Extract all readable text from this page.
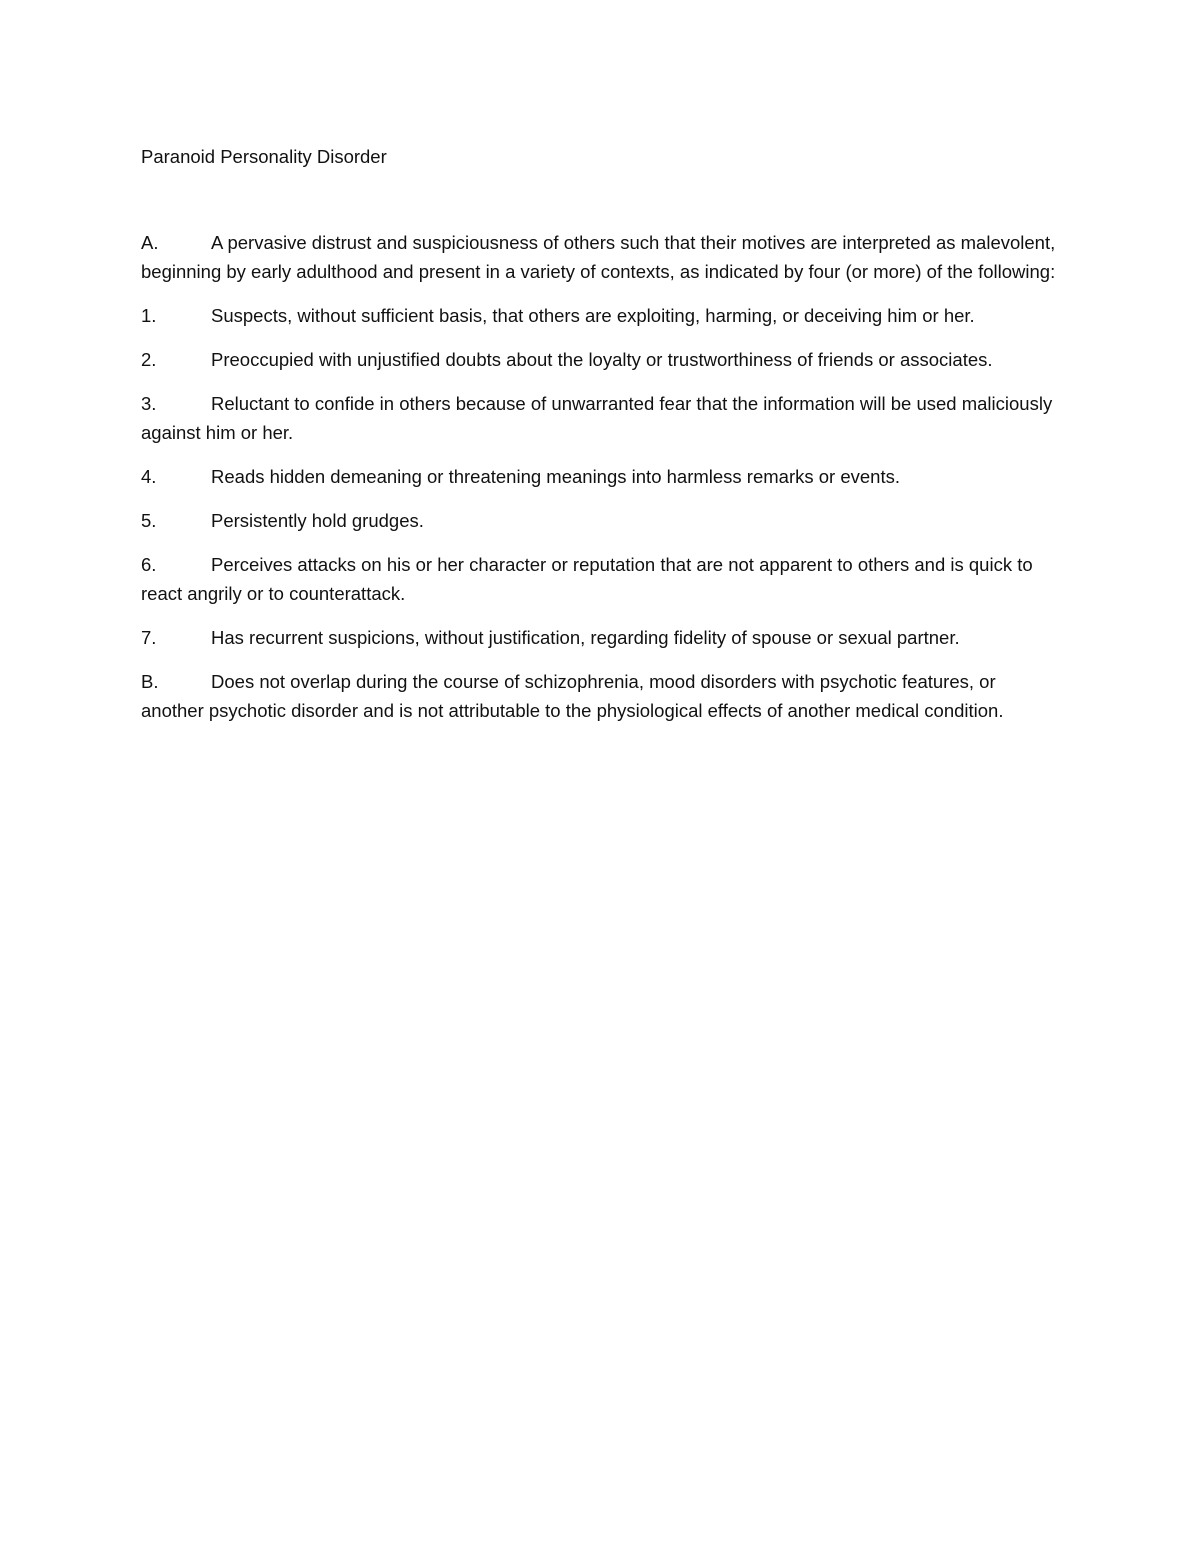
Paranoid Personality Disorder

A.	A pervasive distrust and suspiciousness of others such that their motives are interpreted as malevolent, beginning by early adulthood and present in a variety of contexts, as indicated by four (or more) of the following:

1.	Suspects, without sufficient basis, that others are exploiting, harming, or deceiving him or her.

2.	Preoccupied with unjustified doubts about the loyalty or trustworthiness of friends or associates.

3.	Reluctant to confide in others because of unwarranted fear that the information will be used maliciously against him or her.

4.	Reads hidden demeaning or threatening meanings into harmless remarks or events.

5.	Persistently hold grudges.

6.	Perceives attacks on his or her character or reputation that are not apparent to others and is quick to react angrily or to counterattack.

7.	Has recurrent suspicions, without justification, regarding fidelity of spouse or sexual partner.

B.	Does not overlap during the course of schizophrenia, mood disorders with psychotic features, or another psychotic disorder and is not attributable to the physiological effects of another medical condition.
